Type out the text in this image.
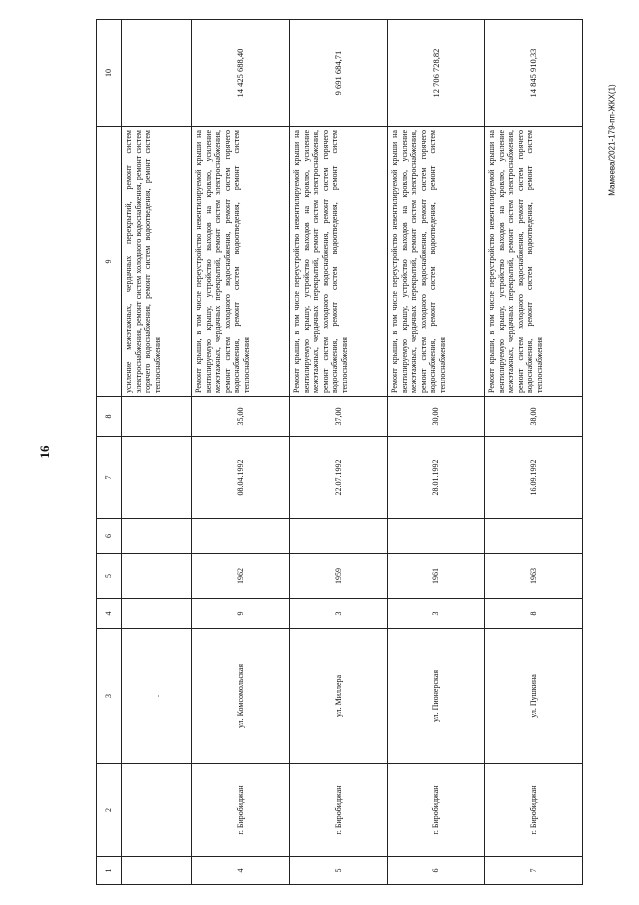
16
Мамеева/2021-179-пп-ЖКХ(1)
1	2	3	4	5	6	7	8	9	10
		.						усиление межэтажных, чердачных перекрытий, ремонт систем электроснабжения, ремонт систем холодного водоснабжения, ремонт систем горячего водоснабжения, ремонт систем водоотведения, ремонт систем теплоснабжения	
4	г. Биробиджан	ул. Комсомольская	9	1962		08.04.1992	35,00	Ремонт крыши, в том числе переустройство невентилируемой крыши на вентилируемую крышу, устройство выходов на кровлю, усиление межэтажных, чердачных перекрытий, ремонт систем электроснабжения, ремонт систем холодного водоснабжения, ремонт систем горячего водоснабжения, ремонт систем водоотведения, ремонт систем теплоснабжения	14 425 688,40
5	г. Биробиджан	ул. Миллера	3	1959		22.07.1992	37,00	Ремонт крыши, в том числе переустройство невентилируемой крыши на вентилируемую крышу, устройство выходов на кровлю, усиление межэтажных, чердачных перекрытий, ремонт систем электроснабжения, ремонт систем холодного водоснабжения, ремонт систем горячего водоснабжения, ремонт систем водоотведения, ремонт систем теплоснабжения	9 691 684,71
6	г. Биробиджан	ул. Пионерская	3	1961		28.01.1992	30,00	Ремонт крыши, в том числе переустройство невентилируемой крыши на вентилируемую крышу, устройство выходов на кровлю, усиление межэтажных, чердачных перекрытий, ремонт систем электроснабжения, ремонт систем холодного водоснабжения, ремонт систем горячего водоснабжения, ремонт систем водоотведения, ремонт систем теплоснабжения	12 706 728,82
7	г. Биробиджан	ул. Пушкина	8	1963		16.09.1992	38,00	Ремонт крыши, в том числе переустройство невентилируемой крыши на вентилируемую крышу, устройство выходов на кровлю, усиление межэтажных, чердачных перекрытий, ремонт систем электроснабжения, ремонт систем холодного водоснабжения, ремонт систем горячего водоснабжения, ремонт систем водоотведения, ремонт систем теплоснабжения	14 845 910,33
